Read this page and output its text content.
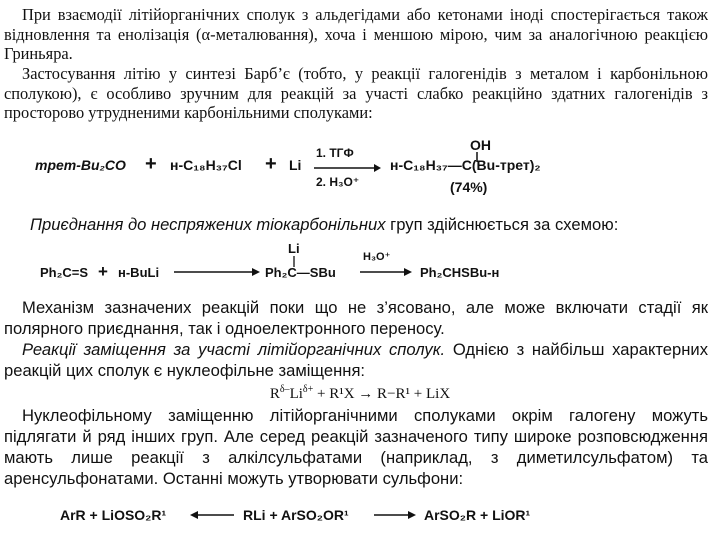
При взаємодії літійорганічних сполук з альдегідами або кетонами іноді спостерігається також відновлення та енолізація (α-металювання), хоча і меншою мірою, чим за аналогічною реакцією Гриньяра.
Застосування літію у синтезі Барб’є (тобто, у реакції галогенідів з металом і карбонільною сполукою), є особливо зручним для реакцій за участі слабко реакційно здатних галогенідів з просторово утрудненими карбонільними сполуками:
трет-Bu₂CO + н-C₁₈H₃₇Cl + Li
1. ТГФ
2. H₃O⁺
OH
н-C₁₈H₃₇—C(Bu-трет)₂
(74%)
Приєднання до неспряжених тіокарбонільних груп здійснюється за схемою:
Ph₂C=S + н-BuLi
Li
Ph₂C—SBu
H₃O⁺
Ph₂CHSBu-н
Механізм зазначених реакцій поки що не з’ясовано, але може включати стадії як полярного приєднання, так і одноелектронного переносу.
Реакції заміщення за участі літійорганічних сполук. Однією з найбільш характерних реакцій цих сполук є нуклеофільне заміщення:
$R^{\delta-}Li^{\delta+} + R^1X \to R-R^1$ + LiX
Нуклеофільному заміщенню літійорганічними сполуками окрім галогену можуть підлягати й ряд інших груп. Але серед реакцій зазначеного типу широке розповсюдження мають лише реакції з алкілсульфатами (наприклад, з диметилсульфатом) та аренсульфонатами. Останні можуть утворювати сульфони:
ArR + LiOSO₂R¹	RLi + ArSO₂OR¹	ArSO₂R + LiOR¹
